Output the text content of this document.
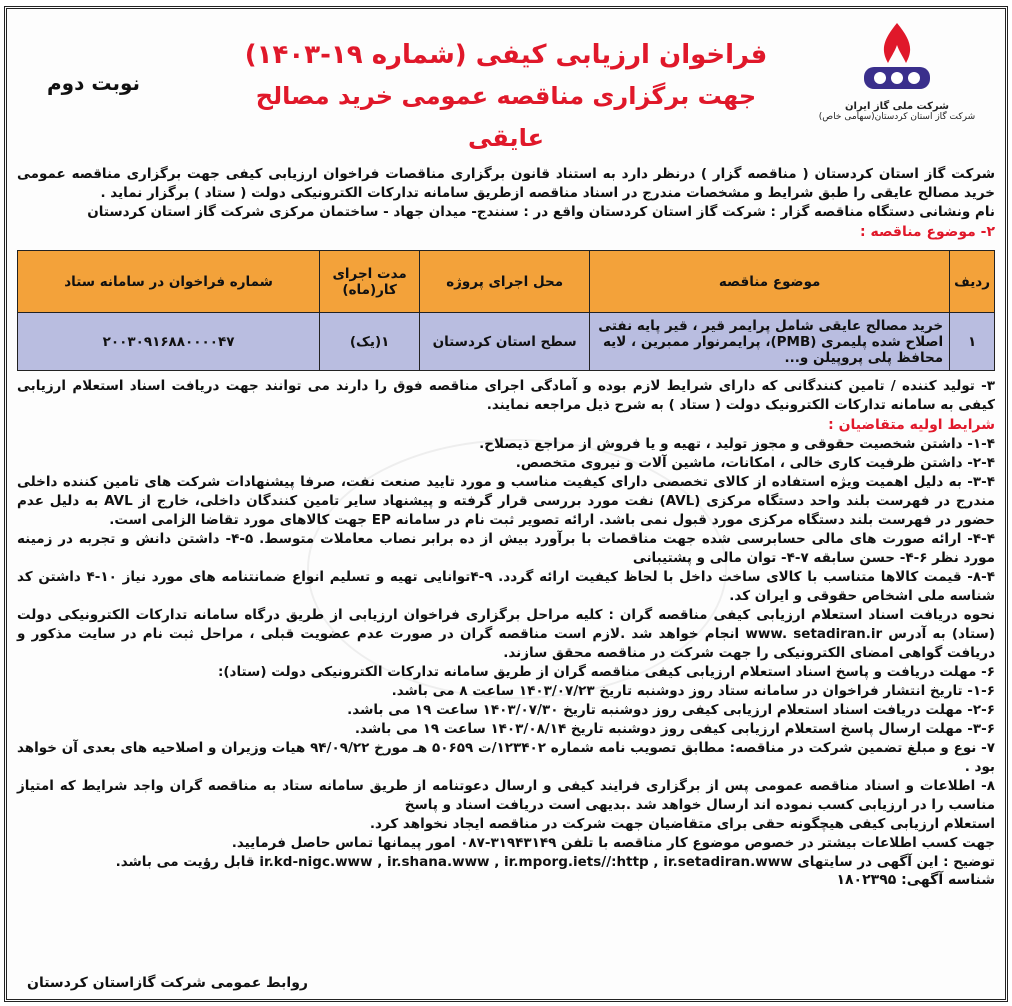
شرکت ملی گاز ایران
شرکت گاز استان کردستان(سهامی خاص)
فراخوان ارزیابی کیفی (شماره ۱۹-۱۴۰۳)
جهت برگزاری مناقصه عمومی خرید مصالح عایقی
نوبت دوم

شرکت گاز استان کردستان ( مناقصه گزار ) درنظر دارد به استناد قانون برگزاری مناقصات فراخوان ارزیابی کیفی جهت برگزاری مناقصه عمومی خرید مصالح عایقی را طبق شرایط و مشخصات مندرج در اسناد مناقصه ازطریق سامانه تدارکات الکترونیکی دولت ( ستاد ) برگزار نماید .

نام ونشانی دستگاه مناقصه گزار : شرکت گاز استان کردستان واقع در : سنندج- میدان جهاد - ساختمان مرکزی شرکت گاز استان کردستان

۲- موضوع مناقصه :

ردیف	موضوع مناقصه	محل اجرای پروژه	مدت اجرای کار(ماه)	شماره فراخوان در سامانه ستاد
۱	خرید مصالح عایقی شامل پرایمر قیر ، قیر پایه نفتی اصلاح شده پلیمری (PMB)، پرایمرنوار ممبرین ، لایه محافظ پلی پروپیلن و...	سطح استان کردستان	۱(یک)	۲۰۰۳۰۹۱۶۸۸۰۰۰۰۴۷

۳- تولید کننده / تامین کنندگانی که دارای شرایط لازم بوده و آمادگی اجرای مناقصه فوق را دارند می توانند جهت دریافت اسناد استعلام ارزیابی کیفی به سامانه تدارکات الکترونیک دولت ( ستاد ) به شرح ذیل مراجعه نمایند.

شرایط اولیه متقاضیان :

۱-۴- داشتن شخصیت حقوقی و مجوز تولید ، تهیه و یا فروش از مراجع ذیصلاح.

۲-۴- داشتن ظرفیت کاری خالی ، امکانات، ماشین آلات و نیروی متخصص.

۳-۴- به دلیل اهمیت ویژه استفاده از کالای تخصصی دارای کیفیت مناسب و مورد تایید صنعت نفت، صرفا پیشنهادات شرکت های تامین کننده داخلی مندرج در فهرست بلند واحد دستگاه مرکزی (AVL) نفت مورد بررسی قرار گرفته و پیشنهاد سایر تامین کنندگان داخلی، خارج از AVL به دلیل عدم حضور در فهرست بلند دستگاه مرکزی مورد قبول نمی باشد. ارائه تصویر ثبت نام در سامانه EP جهت کالاهای مورد تقاضا الزامی است.

۴-۴- ارائه صورت های مالی حسابرسی شده جهت مناقصات با برآورد بیش از ده برابر نصاب معاملات متوسط. ۵-۴- داشتن دانش و تجربه در زمینه مورد نظر ۶-۴- حسن سابقه ۷-۴- توان مالی و پشتیبانی

۸-۴- قیمت کالاها متناسب با کالای ساخت داخل با لحاظ کیفیت ارائه گردد. ۹-۴توانایی تهیه و تسلیم انواع ضمانتنامه های مورد نیاز ۱۰-۴ داشتن کد شناسه ملی اشخاص حقوقی و ایران کد.

نحوه دریافت اسناد استعلام ارزیابی کیفی مناقصه گران : کلیه مراحل برگزاری فراخوان ارزیابی از طریق درگاه سامانه تدارکات الکترونیکی دولت (ستاد) به آدرس www. setadiran.ir انجام خواهد شد .لازم است مناقصه گران در صورت عدم عضویت قبلی ، مراحل ثبت نام در سایت مذکور و دریافت گواهی امضای الکترونیکی را جهت شرکت در مناقصه محقق سازند.

۶- مهلت دریافت و پاسخ اسناد استعلام ارزیابی کیفی مناقصه گران از طریق سامانه تدارکات الکترونیکی دولت (ستاد):

۱-۶- تاریخ انتشار فراخوان در سامانه ستاد روز دوشنبه تاریخ ۱۴۰۳/۰۷/۲۳ ساعت ۸ می باشد.

۲-۶- مهلت دریافت اسناد استعلام ارزیابی کیفی روز دوشنبه تاریخ ۱۴۰۳/۰۷/۳۰ ساعت ۱۹ می باشد.

۳-۶- مهلت ارسال پاسخ استعلام ارزیابی کیفی روز دوشنبه تاریخ ۱۴۰۳/۰۸/۱۴ ساعت ۱۹ می باشد.

۷- نوع و مبلغ تضمین شرکت در مناقصه: مطابق تصویب نامه شماره ۱۲۳۴۰۲/ت ۵۰۶۵۹ هـ مورخ ۹۴/۰۹/۲۲ هیات وزیران و اصلاحیه های بعدی آن خواهد بود .

۸- اطلاعات و اسناد مناقصه عمومی پس از برگزاری فرایند کیفی و ارسال دعوتنامه از طریق سامانه ستاد به مناقصه گران واجد شرایط که امتیاز مناسب را در ارزیابی کسب نموده اند ارسال خواهد شد .بدیهی است دریافت اسناد و پاسخ

استعلام ارزیابی کیفی هیچگونه حقی برای متقاضیان جهت شرکت در مناقصه ایجاد نخواهد کرد.

جهت کسب اطلاعات بیشتر در خصوص موضوع کار مناقصه با تلفن ۳۱۹۴۳۱۴۹-۰۸۷ امور پیمانها تماس حاصل فرمایید.

توضیح : این آگهی در سایتهای ir.kd-nigc.www , ir.shana.www , ir.mporg.iets//:http , ir.setadiran.www قابل رؤیت می باشد.

شناسه آگهی: ۱۸۰۲۳۹۵

روابط عمومی شرکت گازاستان کردستان
